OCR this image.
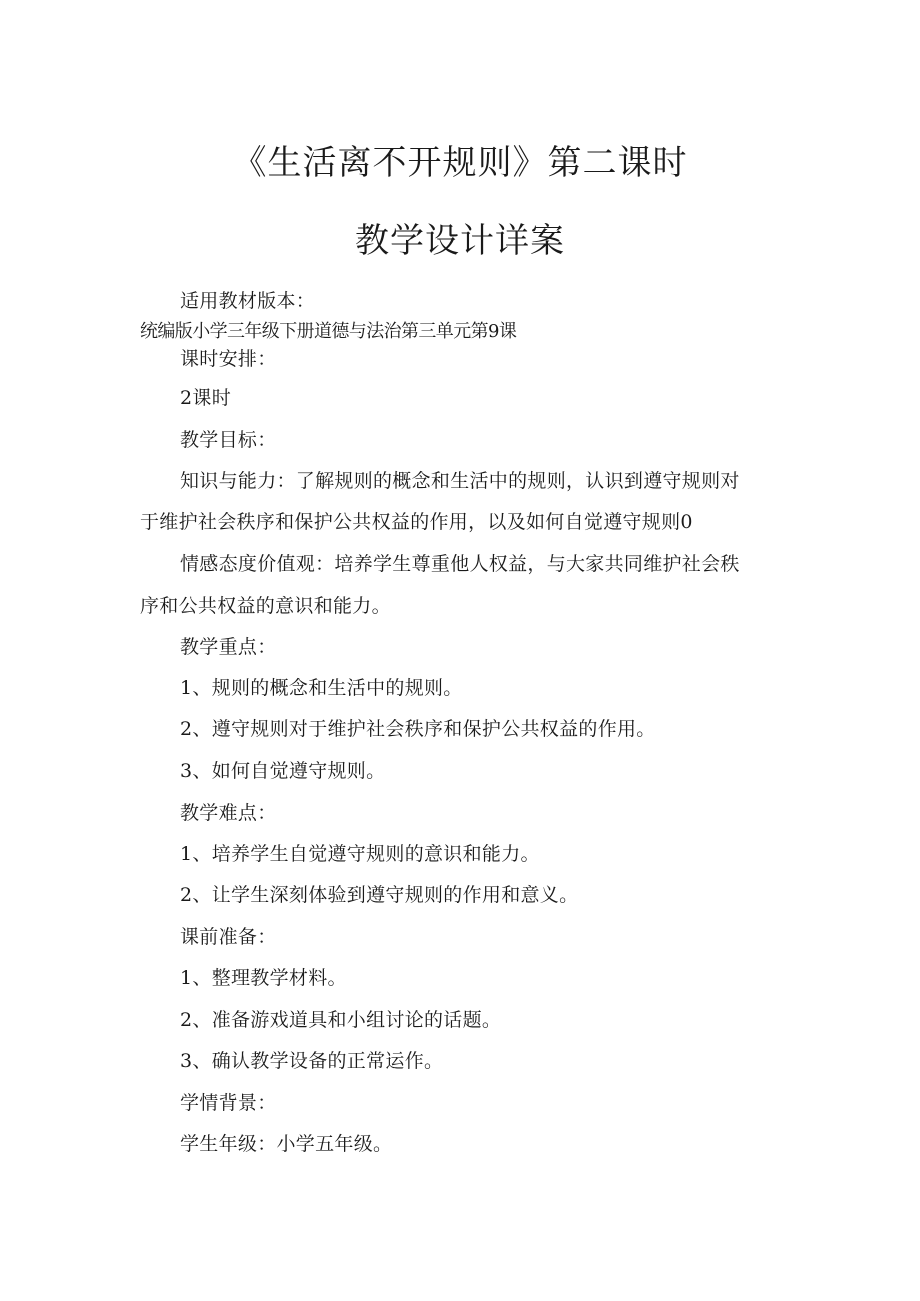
《生活离不开规则》第二课时
教学设计详案
适用教材版本：
统编版小学三年级下册道德与法治第三单元第9课
课时安排：
2课时
教学目标：
知识与能力：了解规则的概念和生活中的规则，认识到遵守规则对
于维护社会秩序和保护公共权益的作用，以及如何自觉遵守规则0
情感态度价值观：培养学生尊重他人权益，与大家共同维护社会秩
序和公共权益的意识和能力。
教学重点：
1、规则的概念和生活中的规则。
2、遵守规则对于维护社会秩序和保护公共权益的作用。
3、如何自觉遵守规则。
教学难点：
1、培养学生自觉遵守规则的意识和能力。
2、让学生深刻体验到遵守规则的作用和意义。
课前准备：
1、整理教学材料。
2、准备游戏道具和小组讨论的话题。
3、确认教学设备的正常运作。
学情背景：
学生年级：小学五年级。
